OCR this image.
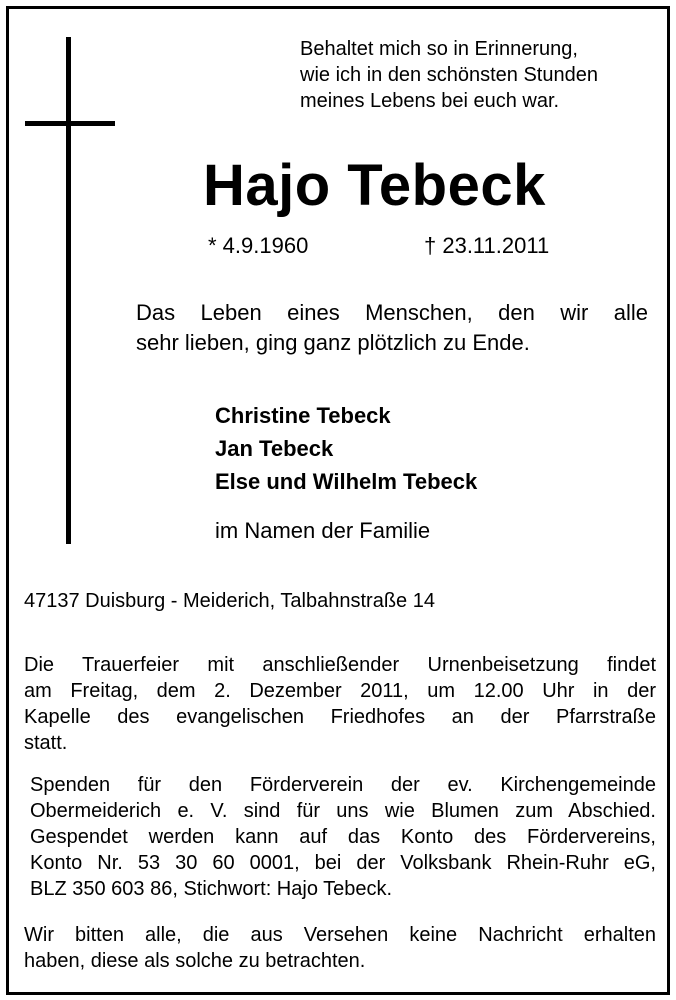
Behaltet mich so in Erinnerung,
wie ich in den schönsten Stunden
meines Lebens bei euch war.
Hajo Tebeck
* 4.9.1960	† 23.11.2011
Das Leben eines Menschen, den wir alle
sehr lieben, ging ganz plötzlich zu Ende.
Christine Tebeck
Jan Tebeck
Else und Wilhelm Tebeck
im Namen der Familie
47137 Duisburg - Meiderich, Talbahnstraße 14
Die Trauerfeier mit anschließender Urnenbeisetzung findet
am Freitag, dem 2. Dezember 2011, um 12.00 Uhr in der
Kapelle des evangelischen Friedhofes an der Pfarrstraße
statt.
Spenden für den Förderverein der ev. Kirchengemeinde
Obermeiderich e. V. sind für uns wie Blumen zum Abschied.
Gespendet werden kann auf das Konto des Fördervereins,
Konto Nr. 53 30 60 0001, bei der Volksbank Rhein-Ruhr eG,
BLZ 350 603 86, Stichwort: Hajo Tebeck.
Wir bitten alle, die aus Versehen keine Nachricht erhalten
haben, diese als solche zu betrachten.
